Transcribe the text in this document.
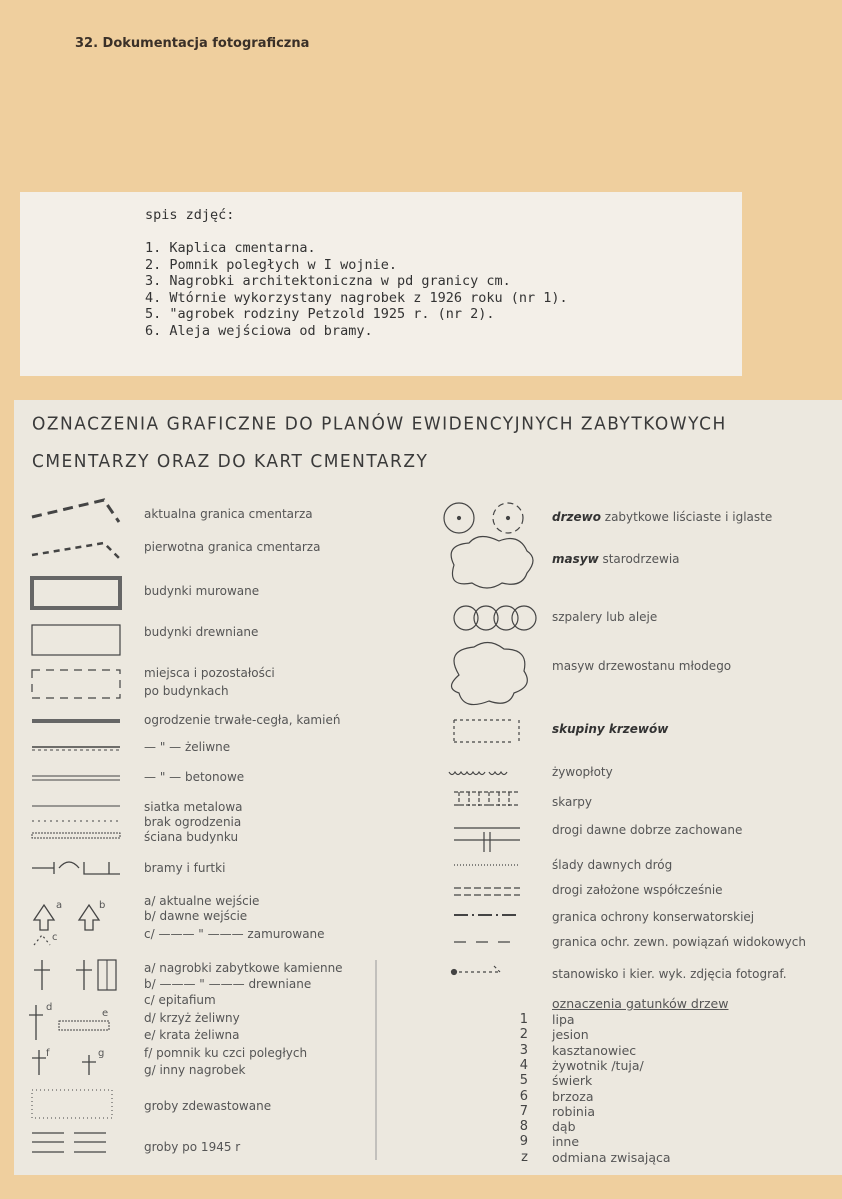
32. Dokumentacja fotograficzna
spis zdjęć:

1. Kaplica cmentarna.
2. Pomnik poległych w I wojnie.
3. Nagrobki architektoniczna w pd granicy cm.
4. Wtórnie wykorzystany nagrobek z 1926 roku (nr 1).
5. "agrobek rodziny Petzold 1925 r. (nr 2).
6. Aleja wejściowa od bramy.
OZNACZENIA GRAFICZNE DO PLANÓW EWIDENCYJNYCH ZABYTKOWYCH
CMENTARZY ORAZ DO KART CMENTARZY
aktualna granica cmentarza
pierwotna granica cmentarza
budynki murowane
budynki drewniane
miejsca i pozostałości
po budynkach
ogrodzenie trwałe-cegła, kamień
— " — żeliwne
— " — betonowe
siatka metalowa
brak ogrodzenia
ściana budynku
bramy i furtki
a/ aktualne wejście
b/ dawne wejście
c/ ——— " ——— zamurowane
a/ nagrobki zabytkowe kamienne
b/ ——— " ——— drewniane
c/ epitafium
d/ krzyż żeliwny
e/ krata żeliwna
f/ pomnik ku czci poległych
g/ inny nagrobek
groby zdewastowane
groby po 1945 r
a	b
c
d
e
f	g
drzewo zabytkowe liściaste i iglaste
masyw starodrzewia
szpalery lub aleje
masyw drzewostanu młodego
skupiny krzewów
żywopłoty
skarpy
drogi dawne dobrze zachowane
ślady dawnych dróg
drogi założone współcześnie
granica ochrony konserwatorskiej
granica ochr. zewn. powiązań widokowych
stanowisko i kier. wyk. zdjęcia fotograf.
oznaczenia gatunków drzew
1 lipa
2 jesion
3 kasztanowiec
4 żywotnik /tuja/
5 świerk
6 brzoza
7 robinia
8 dąb
9 inne
z odmiana zwisająca
